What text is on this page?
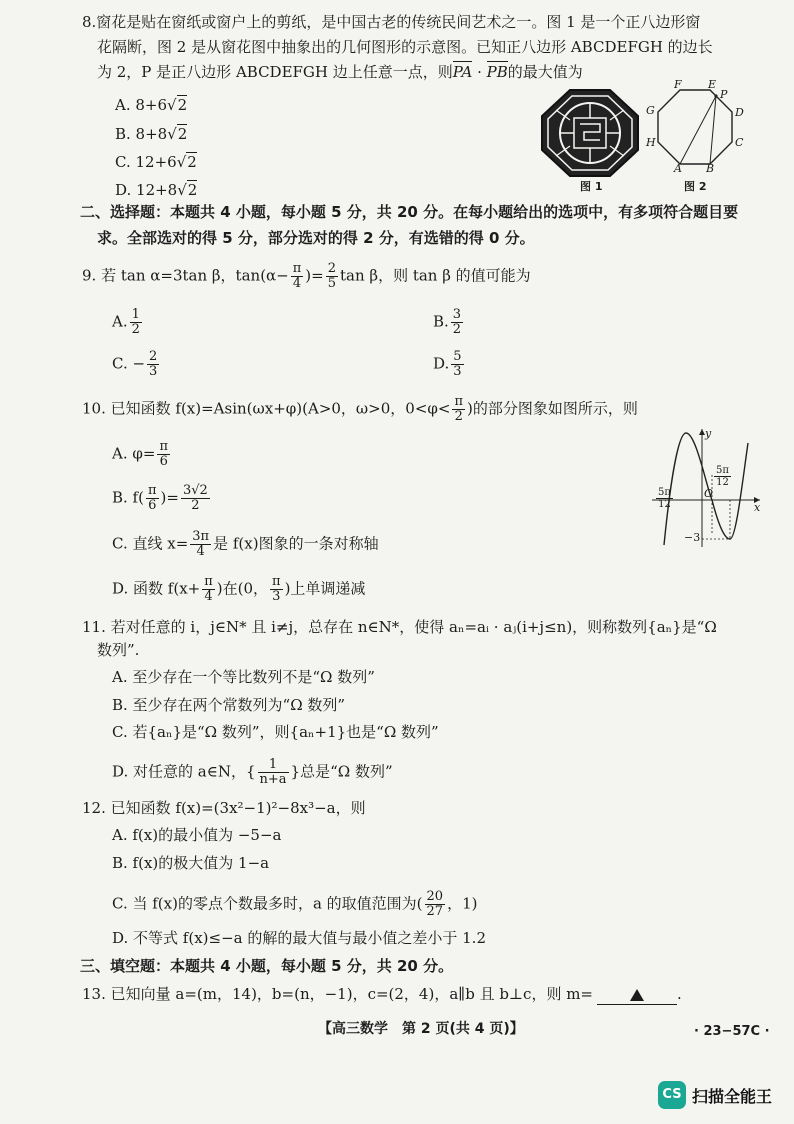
8.窗花是贴在窗纸或窗户上的剪纸，是中国古老的传统民间艺术之一。图 1 是一个正八边形窗
花隔断，图 2 是从窗花图中抽象出的几何图形的示意图。已知正八边形 ABCDEFGH 的边长
为 2，P 是正八边形 ABCDEFGH 边上任意一点，则PA · PB的最大值为
A. 8+6√2
B. 8+8√2
C. 12+6√2
D. 12+8√2	图 1
F E
P
G	D
H	C
A B
图 2
二、选择题：本题共 4 小题，每小题 5 分，共 20 分。在每小题给出的选项中，有多项符合题目要
求。全部选对的得 5 分，部分选对的得 2 分，有选错的得 0 分。
9. 若 tan α=3tan β，$\tan(\alpha- \frac{\pi}{4}$ )= $\frac{2}{5}$ tan β，则 tan β 的值可能为
A. $\frac{1}{2}$	B. $\frac{3}{2}$
C. − $\frac{2}{3}$	D. $\frac{5}{3}$
10. 已知函数 f(x)=Asin(ωx+φ)(A>0，ω>0，$0<\varphi< \frac{\pi}{2}$ )的部分图象如图所示，则
A. $\varphi= \frac{\pi}{6}$
B. $f( \frac{\pi}{6}$ )= $\frac{3√2}{2}$
C. 直线 $x= \frac{3\pi}{4}$ 是 f(x)图象的一条对称轴
D. 函数 $f(x+ \frac{\pi}{4}$ )在(0， $\frac{\pi}{3}$ )上单调递减
y
x
O
$\frac{5\pi}{12}$
$\frac{5\pi}{12}$
−3
11. 若对任意的 i，j∈N* 且 i≠j，总存在 n∈N*，使得 aₙ=aᵢ · aⱼ(i+j≤n)，则称数列{aₙ}是“Ω
数列”.
A. 至少存在一个等比数列不是“Ω 数列”
B. 至少存在两个常数列为“Ω 数列”
C. 若{aₙ}是“Ω 数列”，则{aₙ+1}也是“Ω 数列”
D. 对任意的 a∈N，{ $\frac{1}{n+a}$ }总是“Ω 数列”
12. 已知函数 f(x)=(3x²−1)²−8x³−a，则
A. f(x)的最小值为 −5−a
B. f(x)的极大值为 1−a
C. 当 f(x)的零点个数最多时，a 的取值范围为( $\frac{20}{27}$ ，1)
D. 不等式 f(x)≤−a 的解的最大值与最小值之差小于 1.2
三、填空题：本题共 4 小题，每小题 5 分，共 20 分。
13. 已知向量 a=(m，14)，b=(n，−1)，c=(2，4)，a∥b 且 b⊥c，则 m=	.
【高三数学　第 2 页(共 4 页)】	· 23−57C ·
CS 扫描全能王
